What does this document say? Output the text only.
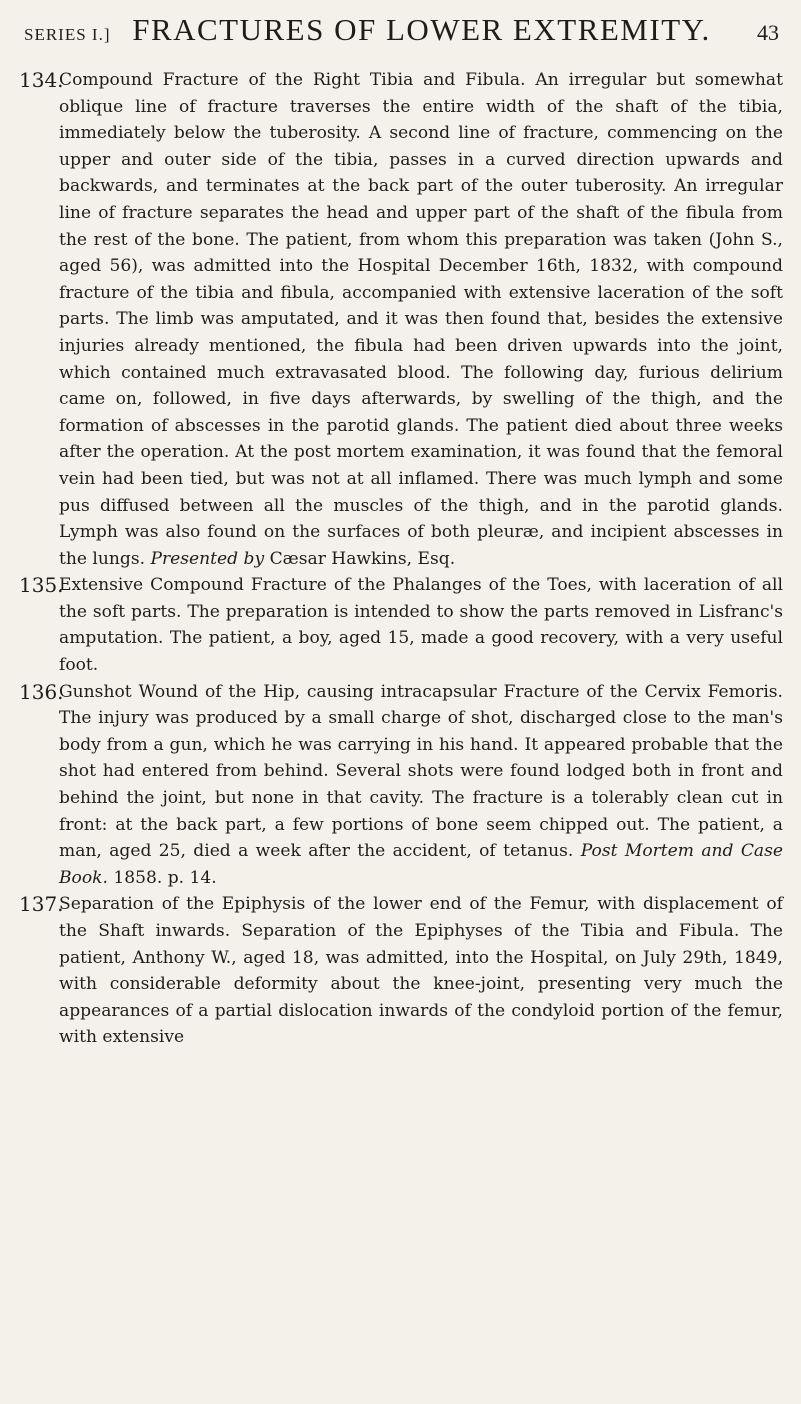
SERIES I.] FRACTURES OF LOWER EXTREMITY.	43
134.
Compound Fracture of the Right Tibia and Fibula. An irregular but somewhat oblique line of fracture traverses the entire width of the shaft of the tibia, immediately below the tuberosity. A second line of fracture, commencing on the upper and outer side of the tibia, passes in a curved direction upwards and backwards, and terminates at the back part of the outer tuberosity. An irregular line of fracture separates the head and upper part of the shaft of the fibula from the rest of the bone. The patient, from whom this preparation was taken (John S., aged 56), was admitted into the Hospital December 16th, 1832, with compound fracture of the tibia and fibula, accompanied with extensive laceration of the soft parts. The limb was amputated, and it was then found that, besides the extensive injuries already mentioned, the fibula had been driven upwards into the joint, which contained much extravasated blood. The following day, furious delirium came on, followed, in five days afterwards, by swelling of the thigh, and the formation of abscesses in the parotid glands. The patient died about three weeks after the operation. At the post mortem examination, it was found that the femoral vein had been tied, but was not at all inflamed. There was much lymph and some pus diffused between all the muscles of the thigh, and in the parotid glands. Lymph was also found on the surfaces of both pleuræ, and incipient abscesses in the lungs. Presented by Cæsar Hawkins, Esq.
135.
Extensive Compound Fracture of the Phalanges of the Toes, with laceration of all the soft parts. The preparation is intended to show the parts removed in Lisfranc's amputation. The patient, a boy, aged 15, made a good recovery, with a very useful foot.
136.
Gunshot Wound of the Hip, causing intracapsular Fracture of the Cervix Femoris. The injury was produced by a small charge of shot, discharged close to the man's body from a gun, which he was carrying in his hand. It appeared probable that the shot had entered from behind. Several shots were found lodged both in front and behind the joint, but none in that cavity. The fracture is a tolerably clean cut in front: at the back part, a few portions of bone seem chipped out. The patient, a man, aged 25, died a week after the accident, of tetanus. Post Mortem and Case Book. 1858. p. 14.
137.
Separation of the Epiphysis of the lower end of the Femur, with displacement of the Shaft inwards. Separation of the Epiphyses of the Tibia and Fibula. The patient, Anthony W., aged 18, was admitted, into the Hospital, on July 29th, 1849, with considerable deformity about the knee-joint, presenting very much the appearances of a partial dislocation inwards of the condyloid portion of the femur, with extensive
